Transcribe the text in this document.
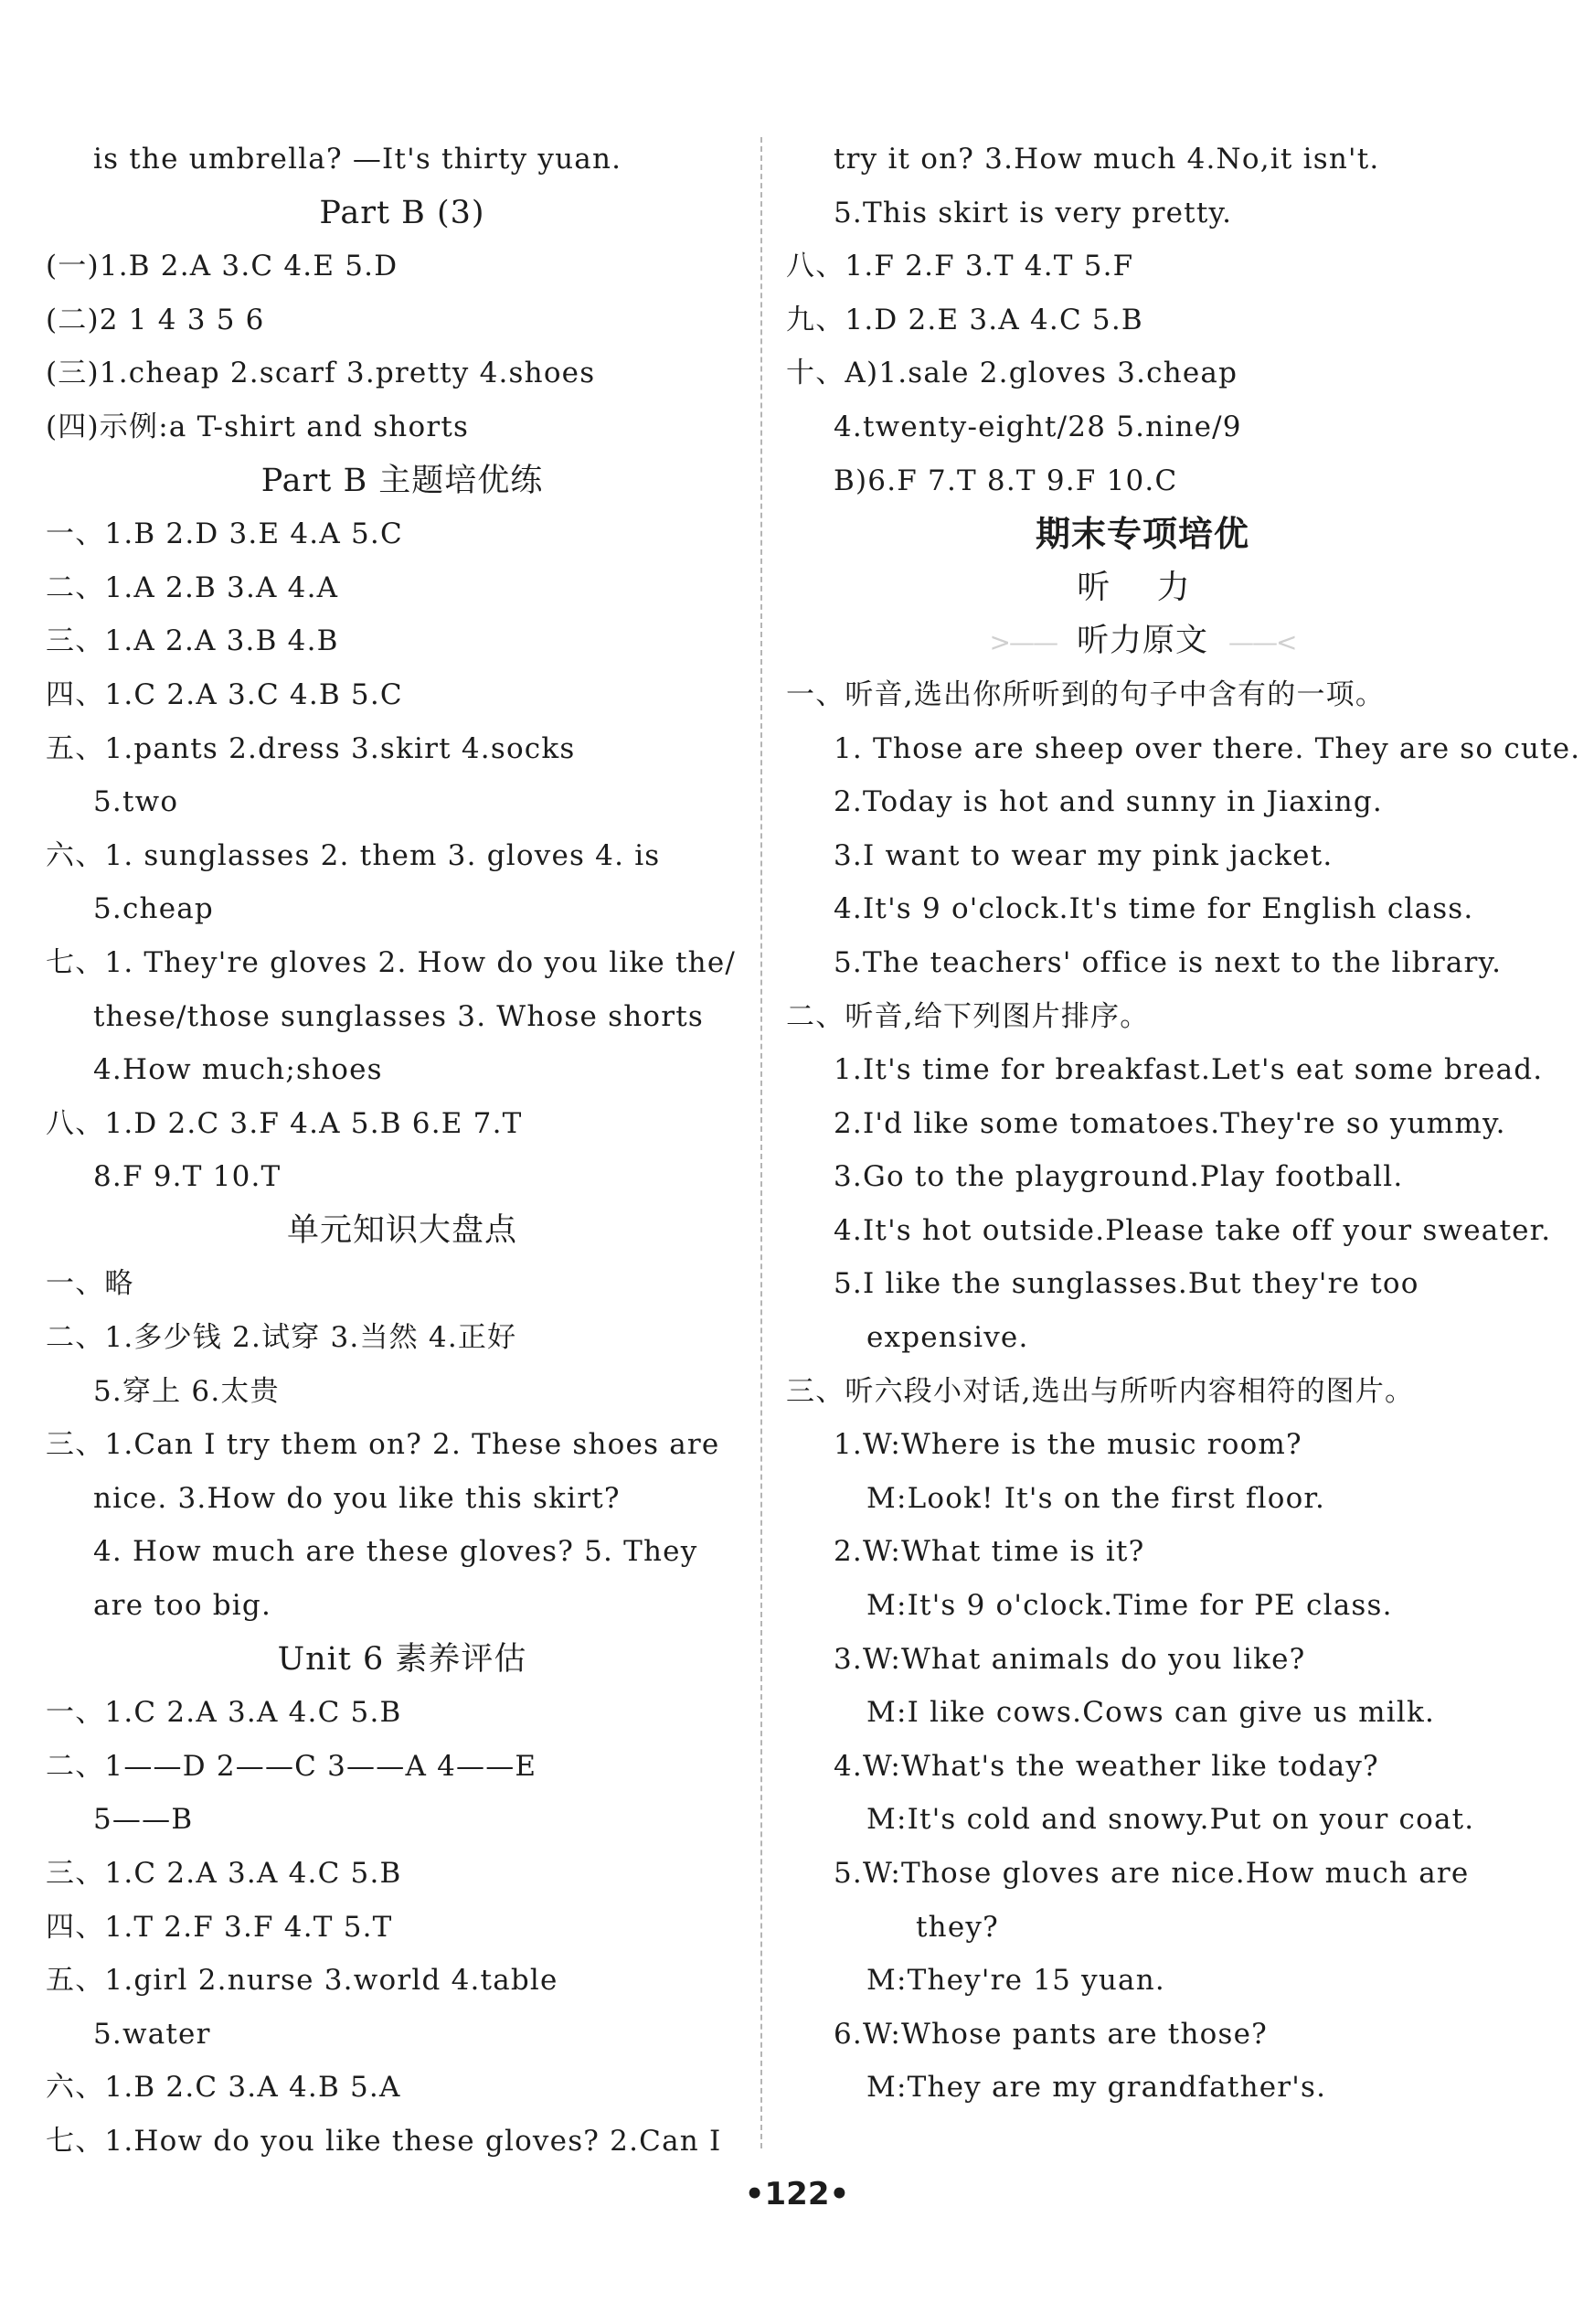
is the umbrella? —It's thirty yuan.
Part B (3)
(一)1.B 2.A 3.C 4.E 5.D
(二)2 1 4 3 5 6
(三)1.cheap 2.scarf 3.pretty 4.shoes
(四)示例:a T-shirt and shorts
Part B 主题培优练
一、1.B 2.D 3.E 4.A 5.C
二、1.A 2.B 3.A 4.A
三、1.A 2.A 3.B 4.B
四、1.C 2.A 3.C 4.B 5.C
五、1.pants 2.dress 3.skirt 4.socks
5.two
六、1. sunglasses 2. them 3. gloves 4. is
5.cheap
七、1. They're gloves 2. How do you like the/
these/those sunglasses 3. Whose shorts
4.How much;shoes
八、1.D 2.C 3.F 4.A 5.B 6.E 7.T
8.F 9.T 10.T
单元知识大盘点
一、略
二、1.多少钱 2.试穿 3.当然 4.正好
5.穿上 6.太贵
三、1.Can I try them on? 2. These shoes are
nice. 3.How do you like this skirt?
4. How much are these gloves? 5. They
are too big.
Unit 6 素养评估
一、1.C 2.A 3.A 4.C 5.B
二、1——D 2——C 3——A 4——E
5——B
三、1.C 2.A 3.A 4.C 5.B
四、1.T 2.F 3.F 4.T 5.T
五、1.girl 2.nurse 3.world 4.table
5.water
六、1.B 2.C 3.A 4.B 5.A
七、1.How do you like these gloves? 2.Can I
try it on? 3.How much 4.No,it isn't.
5.This skirt is very pretty.
八、1.F 2.F 3.T 4.T 5.F
九、1.D 2.E 3.A 4.C 5.B
十、A)1.sale 2.gloves 3.cheap
4.twenty-eight/28 5.nine/9
B)6.F 7.T 8.T 9.F 10.C
期末专项培优
听 力
>—— 听力原文 ——<
一、听音,选出你所听到的句子中含有的一项。
1. Those are sheep over there. They are so cute.
2.Today is hot and sunny in Jiaxing.
3.I want to wear my pink jacket.
4.It's 9 o'clock.It's time for English class.
5.The teachers' office is next to the library.
二、听音,给下列图片排序。
1.It's time for breakfast.Let's eat some bread.
2.I'd like some tomatoes.They're so yummy.
3.Go to the playground.Play football.
4.It's hot outside.Please take off your sweater.
5.I like the sunglasses.But they're too
expensive.
三、听六段小对话,选出与所听内容相符的图片。
1.W:Where is the music room?
M:Look! It's on the first floor.
2.W:What time is it?
M:It's 9 o'clock.Time for PE class.
3.W:What animals do you like?
M:I like cows.Cows can give us milk.
4.W:What's the weather like today?
M:It's cold and snowy.Put on your coat.
5.W:Those gloves are nice.How much are
they?
M:They're 15 yuan.
6.W:Whose pants are those?
M:They are my grandfather's.
•122•
